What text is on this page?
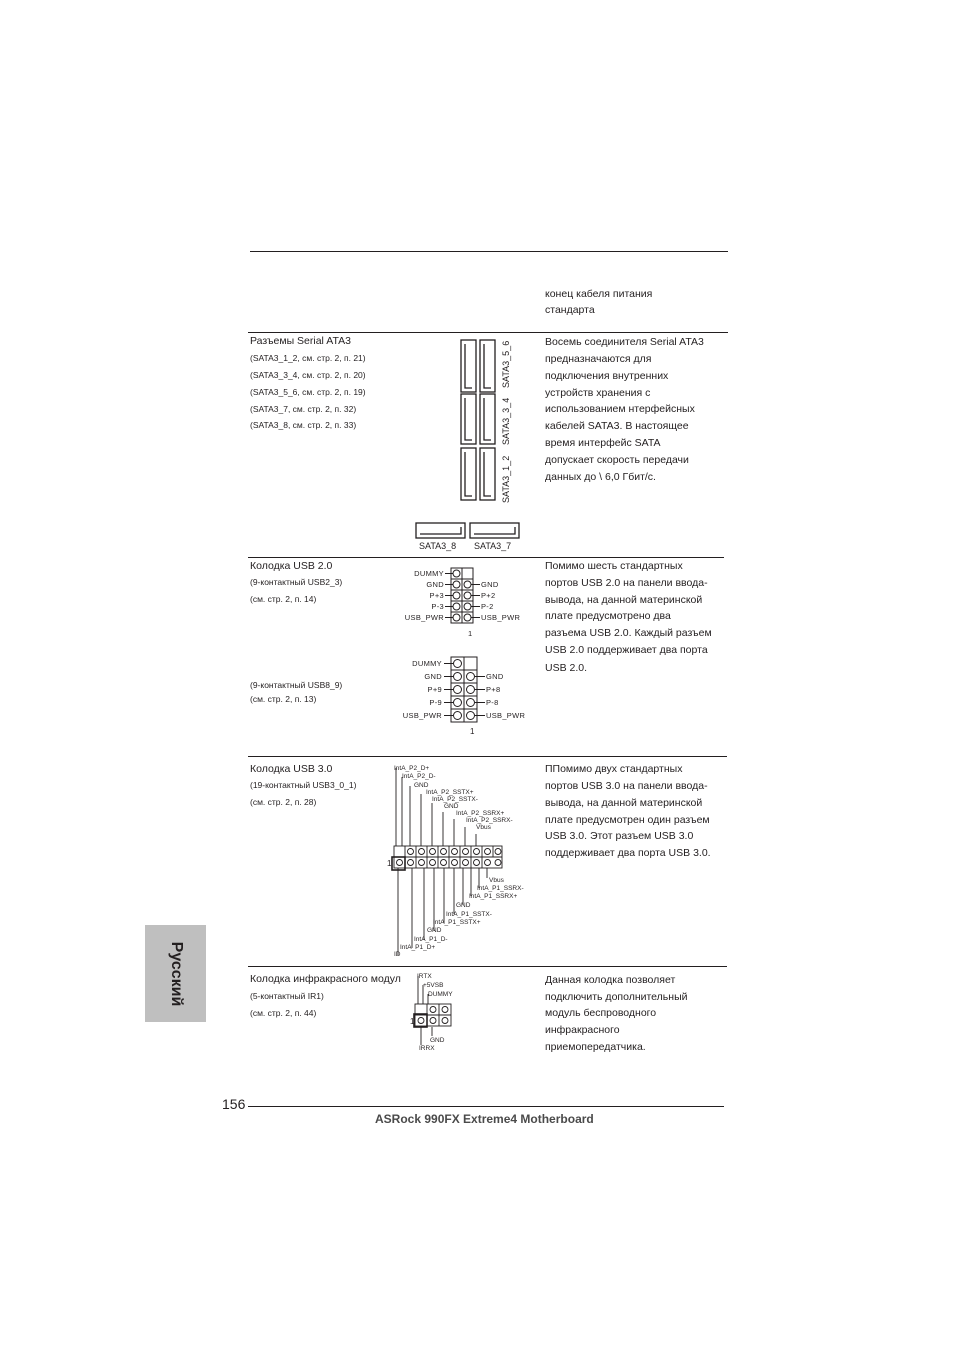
конец кабеля питания
стандарта
Разъемы Serial ATA3
(SATA3_1_2, см. стр. 2, п. 21)
(SATA3_3_4, см. стр. 2, п. 20)
(SATA3_5_6, см. стр. 2, п. 19)
(SATA3_7, см. стр. 2, п. 32)
(SATA3_8, см. стр. 2, п. 33)
SATA3_5_6
SATA3_3_4
SATA3_1_2
SATA3_8 SATA3_7
Восемь соединителя Serial ATA3
предназначаются для
подключения внутренних
устройств хранения с
использованием нтерфейсных
кабелей SATA3. В настоящее
время интерфейс SATA
допускает скорость передачи
данных до \ 6,0 Гбит/с.
Колодка USB 2.0
(9-контактный USB2_3)
(см. стр. 2, п. 14)
(9-контактный USB8_9)
(см. стр. 2, п. 13)
DUMMY
GND
P+3
P-3
USB_PWR
GND
P+2
P-2
USB_PWR
1
DUMMY
GND
P+9
P-9
USB_PWR
GND
P+8
P-8
USB_PWR
1
Помимо шесть стандартных
портов USB 2.0 на панели ввода-
вывода, на данной материнской
плате предусмотрено два
разъема USB 2.0. Каждый разъем
USB 2.0 поддерживает два порта
USB 2.0.
Колодка USB 3.0
(19-контактный USB3_0_1)
(см. стр. 2, п. 28)
IntA_P2_D+
IntA_P2_D-
GND
IntA_P2_SSTX+
IntA_P2_SSTX-
GND
IntA_P2_SSRX+
IntA_P2_SSRX-
Vbus
Vbus
IntA_P1_SSRX-
IntA_P1_SSRX+
GND
IntA_P1_SSTX-
IntA_P1_SSTX+
GND
IntA_P1_D-
IntA_P1_D+
ID
1
ППомимо двух стандартных
портов USB 3.0 на панели ввода-
вывода, на данной материнской
плате предусмотрен один разъем
USB 3.0. Этот разъем USB 3.0
поддерживает два порта USB 3.0.
Колодка инфракрасного модул
(5-контактный IR1)
(см. стр. 2, п. 44)
IRTX
+5VSB
DUMMY
GND
IRRX
1
Данная колодка позволяет
подключить дополнительный
модуль беспроводного
инфракрасного
приемопередатчика.
Русский
156
ASRock 990FX Extreme4 Motherboard
